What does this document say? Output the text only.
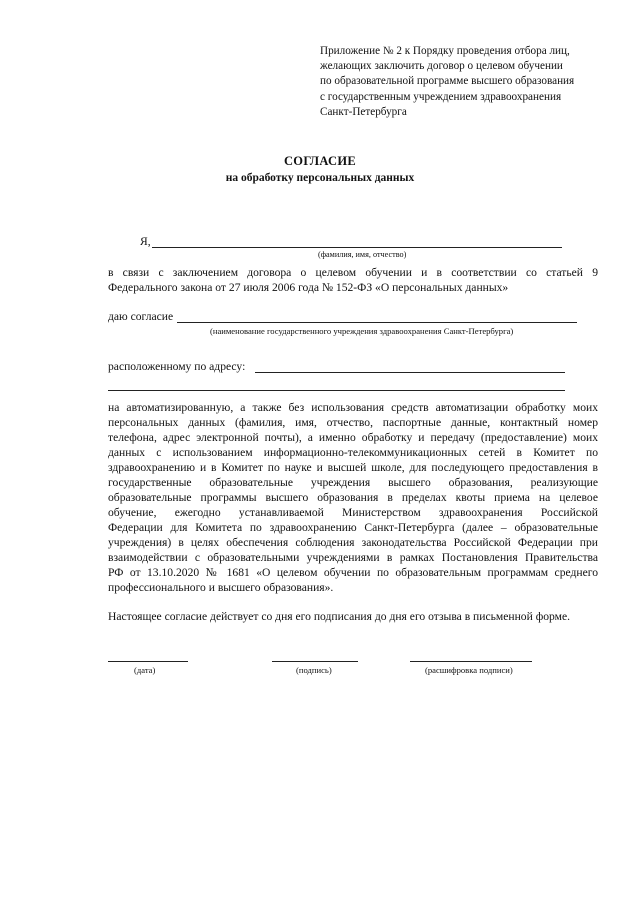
Приложение № 2 к Порядку проведения отбора лиц,
желающих заключить договор о целевом обучении
по образовательной программе высшего образования
с государственным учреждением здравоохранения
Санкт-Петербурга
СОГЛАСИЕ
на обработку персональных данных
Я,
(фамилия, имя, отчество)
в связи с заключением договора о целевом обучении и в соответствии со статьей 9
Федерального закона от 27 июля 2006 года № 152-ФЗ «О персональных данных»
даю согласие
(наименование государственного учреждения здравоохранения Санкт-Петербурга)
расположенному по адресу:
на автоматизированную, а также без использования средств автоматизации обработку моих
персональных данных (фамилия, имя, отчество, паспортные данные, контактный номер
телефона, адрес электронной почты), а именно обработку и передачу (предоставление) моих
данных с использованием информационно-телекоммуникационных сетей в Комитет по
здравоохранению и в Комитет по науке и высшей школе, для последующего предоставления в
государственные образовательные учреждения высшего образования, реализующие
образовательные программы высшего образования в пределах квоты приема на целевое
обучение, ежегодно устанавливаемой Министерством здравоохранения Российской
Федерации для Комитета по здравоохранению Санкт-Петербурга (далее – образовательные
учреждения) в целях обеспечения соблюдения законодательства Российской Федерации при
взаимодействии с образовательными учреждениями в рамках Постановления Правительства
РФ от 13.10.2020 № 1681 «О целевом обучении по образовательным программам среднего
профессионального и высшего образования».
Настоящее согласие действует со дня его подписания до дня его отзыва в письменной форме.
(дата)	(подпись)	(расшифровка подписи)
